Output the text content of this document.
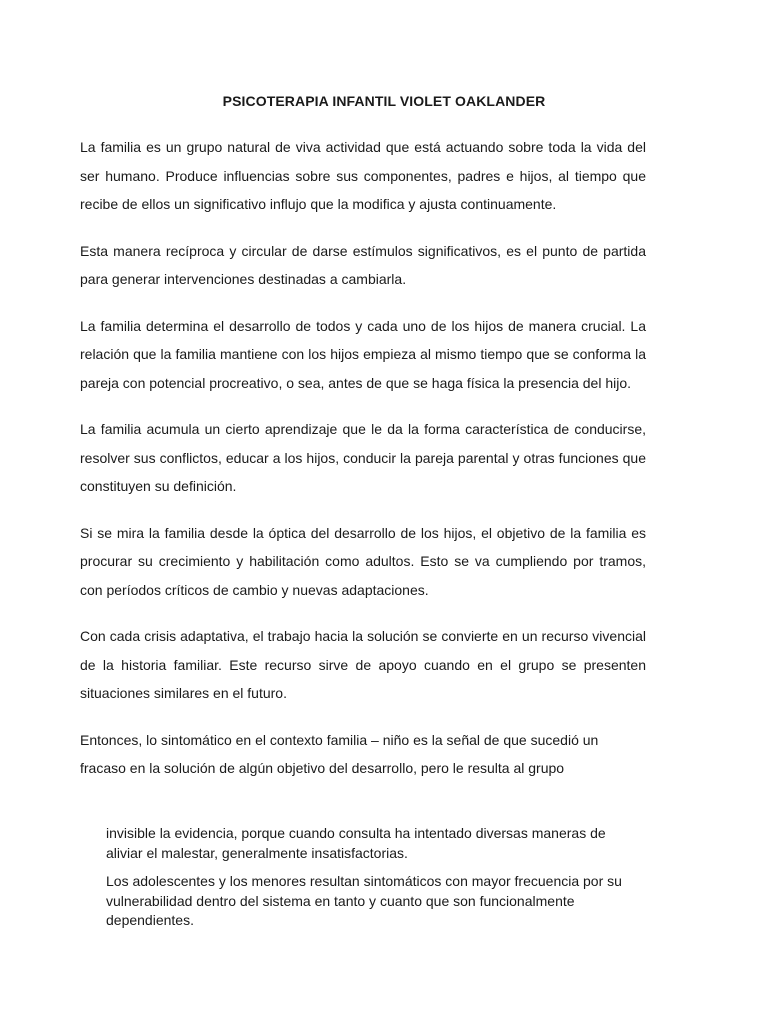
PSICOTERAPIA INFANTIL VIOLET OAKLANDER

La familia es un grupo natural de viva actividad que está actuando sobre toda la vida del ser humano. Produce influencias sobre sus componentes, padres e hijos, al tiempo que recibe de ellos un significativo influjo que la modifica y ajusta continuamente.

Esta manera recíproca y circular de darse estímulos significativos, es el punto de partida para generar intervenciones destinadas a cambiarla.

La familia determina el desarrollo de todos y cada uno de los hijos de manera crucial. La relación que la familia mantiene con los hijos empieza al mismo tiempo que se conforma la pareja con potencial procreativo, o sea, antes de que se haga física la presencia del hijo.

La familia acumula un cierto aprendizaje que le da la forma característica de conducirse, resolver sus conflictos, educar a los hijos, conducir la pareja parental y otras funciones que constituyen su definición.

Si se mira la familia desde la óptica del desarrollo de los hijos, el objetivo de la familia es procurar su crecimiento y habilitación como adultos. Esto se va cumpliendo por tramos, con períodos críticos de cambio y nuevas adaptaciones.

Con cada crisis adaptativa, el trabajo hacia la solución se convierte en un recurso vivencial de la historia familiar. Este recurso sirve de apoyo cuando en el grupo se presenten situaciones similares en el futuro.

Entonces, lo sintomático en el contexto familia – niño es la señal de que sucedió un fracaso en la solución de algún objetivo del desarrollo, pero le resulta al grupo

invisible la evidencia, porque cuando consulta ha intentado diversas maneras de aliviar el malestar, generalmente insatisfactorias.

Los adolescentes y los menores resultan sintomáticos con mayor frecuencia por su vulnerabilidad dentro del sistema en tanto y cuanto que son funcionalmente dependientes.
